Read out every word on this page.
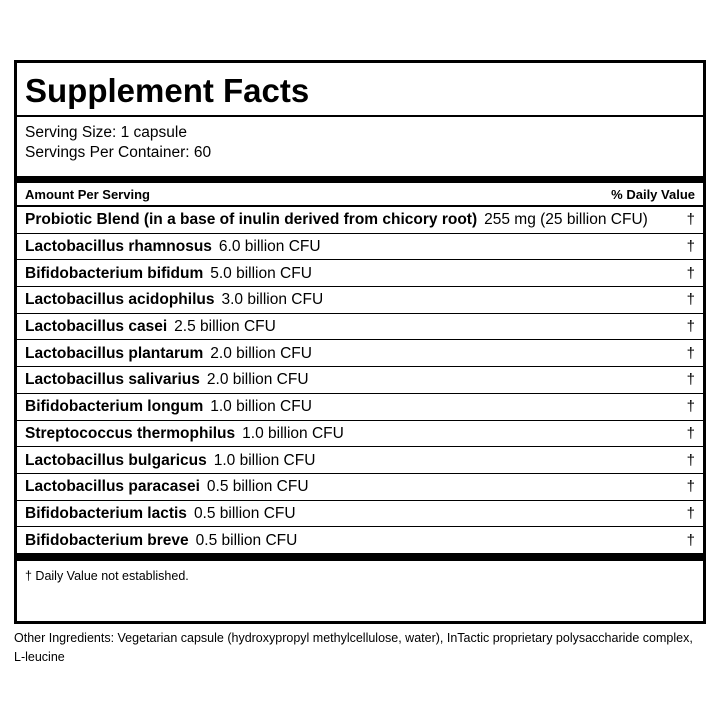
Supplement Facts
Serving Size: 1 capsule
Servings Per Container: 60
Amount Per Serving	% Daily Value
Probiotic Blend (in a base of inulin derived from chicory root) 255 mg (25 billion CFU)	†
Lactobacillus rhamnosus 6.0 billion CFU	†
Bifidobacterium bifidum 5.0 billion CFU	†
Lactobacillus acidophilus 3.0 billion CFU	†
Lactobacillus casei 2.5 billion CFU	†
Lactobacillus plantarum 2.0 billion CFU	†
Lactobacillus salivarius 2.0 billion CFU	†
Bifidobacterium longum 1.0 billion CFU	†
Streptococcus thermophilus 1.0 billion CFU	†
Lactobacillus bulgaricus 1.0 billion CFU	†
Lactobacillus paracasei 0.5 billion CFU	†
Bifidobacterium lactis 0.5 billion CFU	†
Bifidobacterium breve 0.5 billion CFU	†
† Daily Value not established.
Other Ingredients: Vegetarian capsule (hydroxypropyl methylcellulose, water), InTactic proprietary polysaccharide complex, L-leucine
